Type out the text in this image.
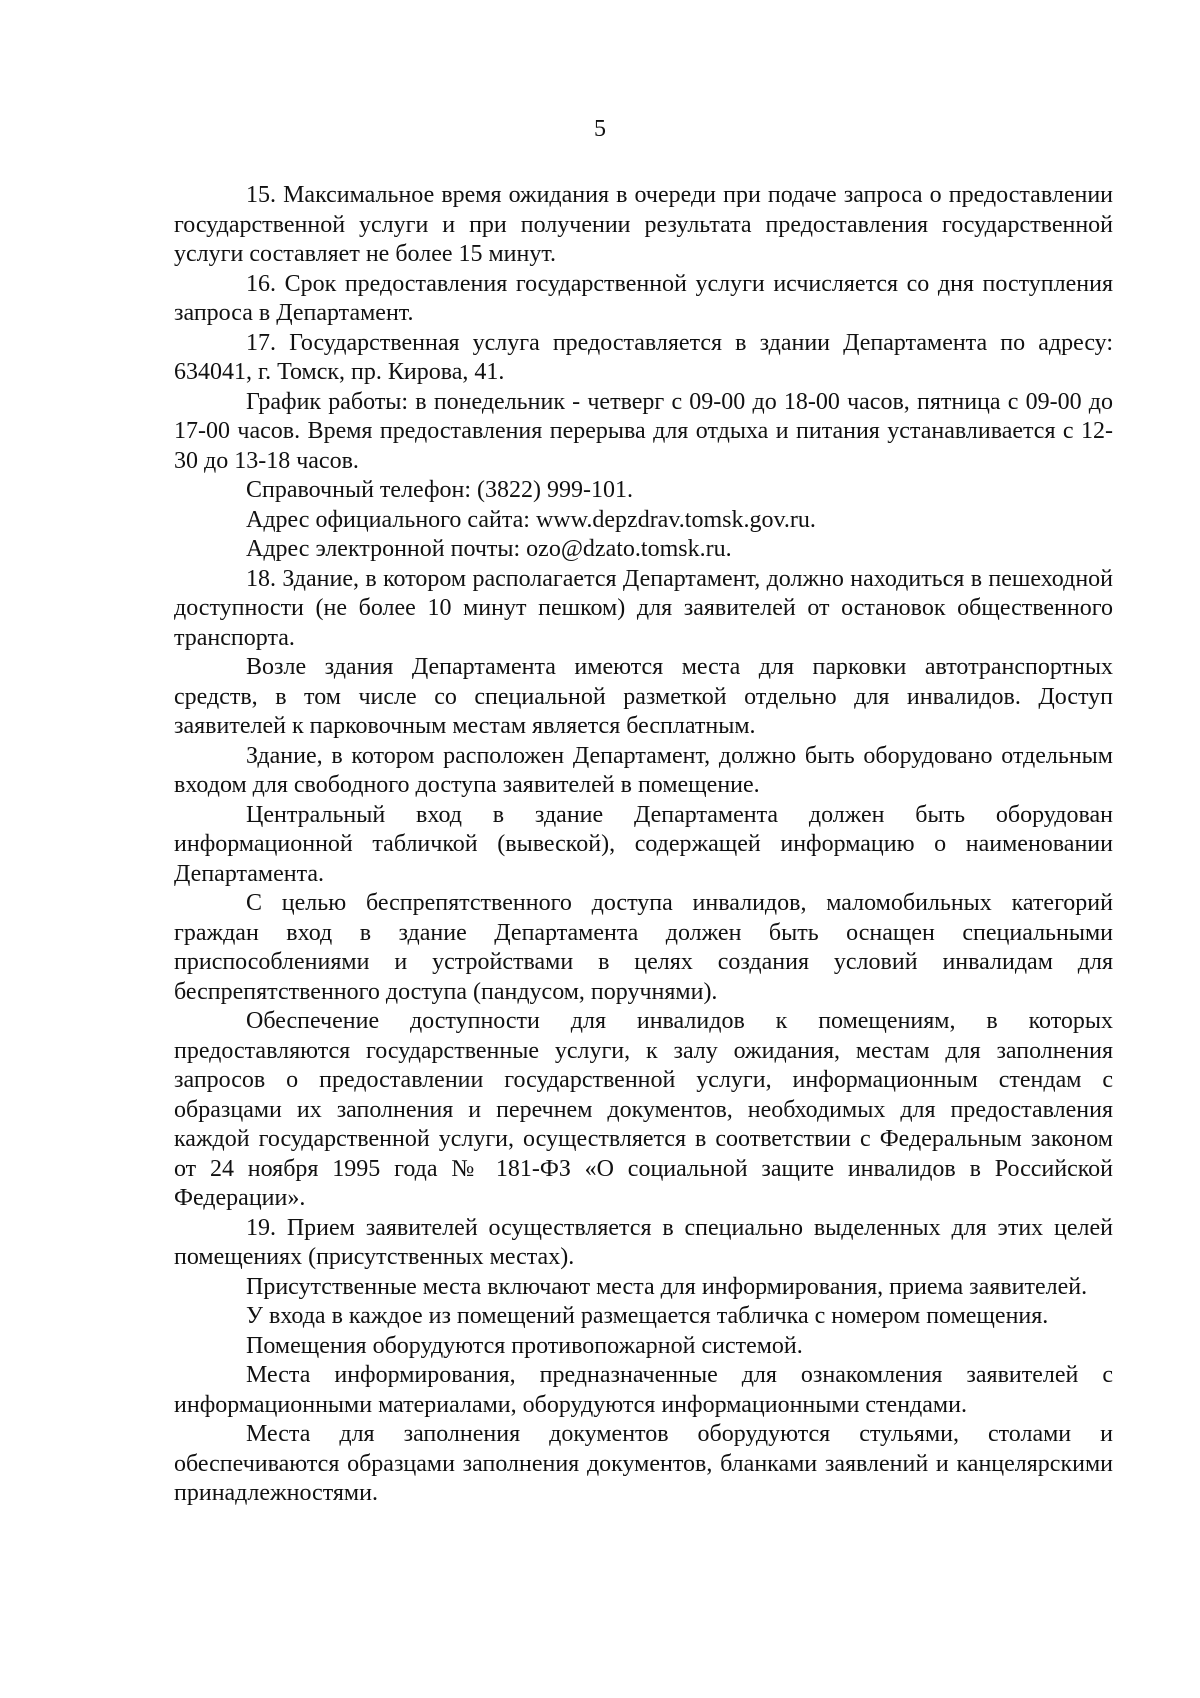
5

15. Максимальное время ожидания в очереди при подаче запроса о предоставлении государственной услуги и при получении результата предоставления государственной услуги составляет не более 15 минут.

16. Срок предоставления государственной услуги исчисляется со дня поступления запроса в Департамент.

17. Государственная услуга предоставляется в здании Департамента по адресу: 634041, г. Томск, пр. Кирова, 41.

График работы: в понедельник - четверг с 09-00 до 18-00 часов, пятница с 09-00 до 17-00 часов. Время предоставления перерыва для отдыха и питания устанавливается с 12-30 до 13-18 часов.

Справочный телефон: (3822) 999-101.

Адрес официального сайта: www.depzdrav.tomsk.gov.ru.

Адрес электронной почты: ozo@dzato.tomsk.ru.

18. Здание, в котором располагается Департамент, должно находиться в пешеходной доступности (не более 10 минут пешком) для заявителей от остановок общественного транспорта.

Возле здания Департамента имеются места для парковки автотранспортных средств, в том числе со специальной разметкой отдельно для инвалидов. Доступ заявителей к парковочным местам является бесплатным.

Здание, в котором расположен Департамент, должно быть оборудовано отдельным входом для свободного доступа заявителей в помещение.

Центральный вход в здание Департамента должен быть оборудован информационной табличкой (вывеской), содержащей информацию о наименовании Департамента.

С целью беспрепятственного доступа инвалидов, маломобильных категорий граждан вход в здание Департамента должен быть оснащен специальными приспособлениями и устройствами в целях создания условий инвалидам для беспрепятственного доступа (пандусом, поручнями).

Обеспечение доступности для инвалидов к помещениям, в которых предоставляются государственные услуги, к залу ожидания, местам для заполнения запросов о предоставлении государственной услуги, информационным стендам с образцами их заполнения и перечнем документов, необходимых для предоставления каждой государственной услуги, осуществляется в соответствии с Федеральным законом от 24 ноября 1995 года № 181-ФЗ «О социальной защите инвалидов в Российской Федерации».

19. Прием заявителей осуществляется в специально выделенных для этих целей помещениях (присутственных местах).

Присутственные места включают места для информирования, приема заявителей.

У входа в каждое из помещений размещается табличка с номером помещения.

Помещения оборудуются противопожарной системой.

Места информирования, предназначенные для ознакомления заявителей с информационными материалами, оборудуются информационными стендами.

Места для заполнения документов оборудуются стульями, столами и обеспечиваются образцами заполнения документов, бланками заявлений и канцелярскими принадлежностями.
